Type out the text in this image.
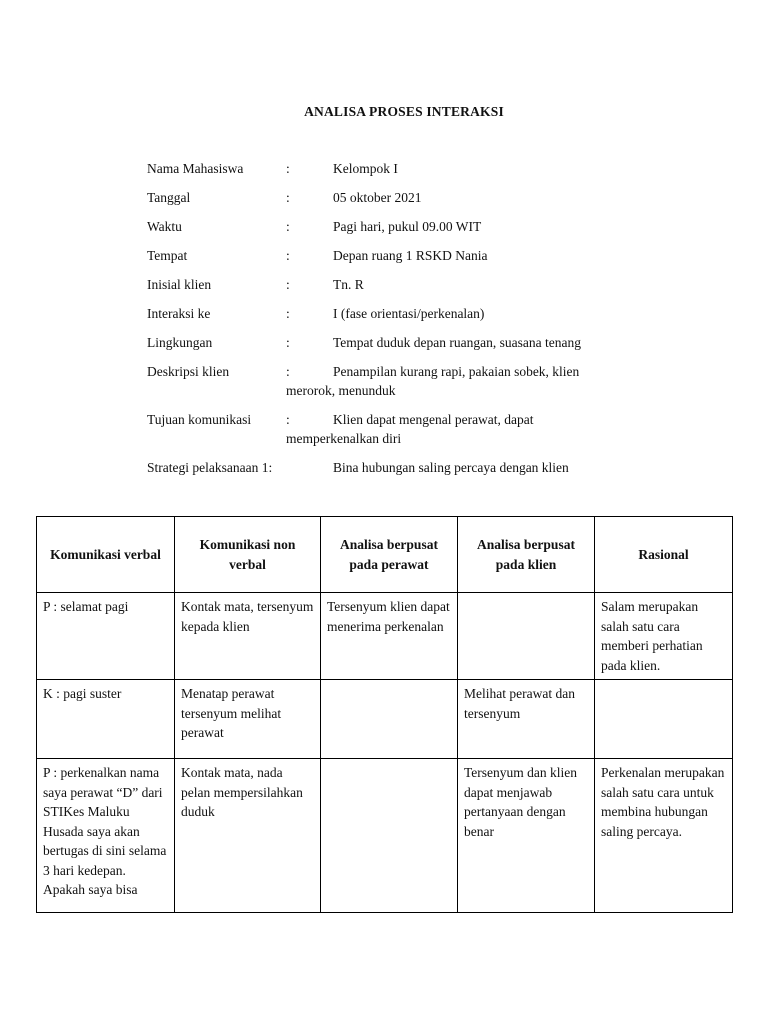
ANALISA PROSES INTERAKSI
Nama Mahasiswa	:	Kelompok I
Tanggal	:	05 oktober 2021
Waktu	:	Pagi hari, pukul 09.00 WIT
Tempat	:	Depan ruang 1 RSKD Nania
Inisial klien	:	Tn. R
Interaksi ke	:	I (fase orientasi/perkenalan)
Lingkungan	:	Tempat duduk depan ruangan, suasana tenang
Deskripsi klien	:	Penampilan kurang rapi, pakaian sobek, klien
merorok, menunduk
Tujuan komunikasi	:	Klien dapat mengenal perawat, dapat
memperkenalkan diri
Strategi pelaksanaan 1:	Bina hubungan saling percaya dengan klien
Komunikasi verbal	Komunikasi non verbal	Analisa berpusat pada perawat	Analisa berpusat pada klien	Rasional
P : selamat pagi	Kontak mata, tersenyum kepada klien	Tersenyum klien dapat menerima perkenalan		Salam merupakan salah satu cara memberi perhatian pada klien.
K : pagi suster	Menatap perawat tersenyum melihat perawat		Melihat perawat dan tersenyum	
P : perkenalkan nama saya perawat “D” dari STIKes Maluku Husada saya akan bertugas di sini selama 3 hari kedepan. Apakah saya bisa	Kontak mata, nada pelan mempersilahkan duduk		Tersenyum dan klien dapat menjawab pertanyaan dengan benar	Perkenalan merupakan salah satu cara untuk membina hubungan saling percaya.
